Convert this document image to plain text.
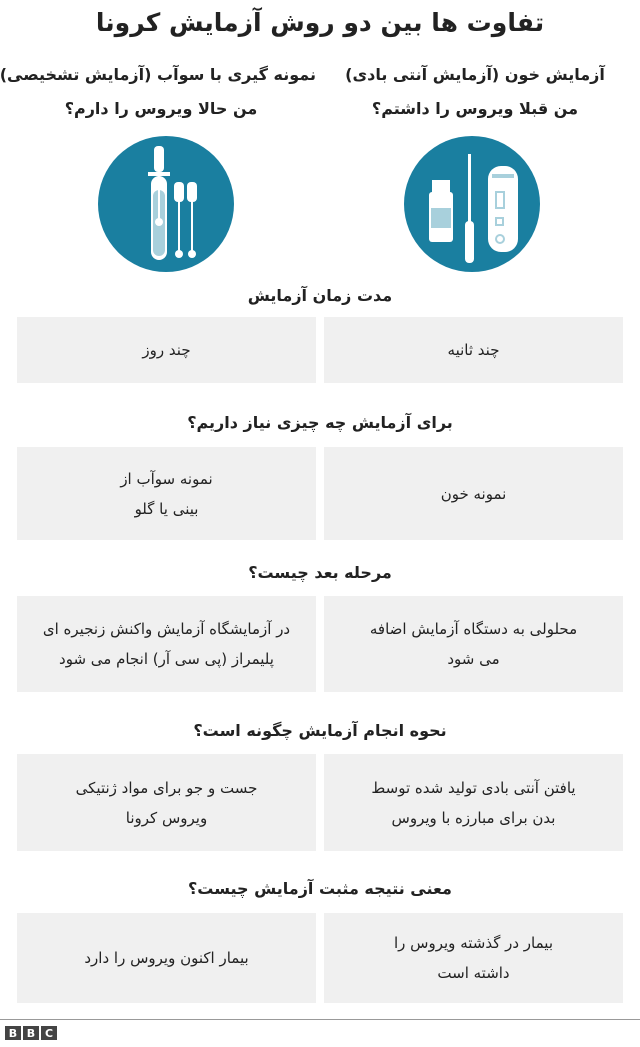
تفاوت ها بین دو روش آزمایش کرونا
آزمایش خون (آزمایش آنتی بادی)
من قبلا ویروس را داشتم؟
نمونه گیری با سوآب (آزمایش تشخیصی)
من حالا ویروس را دارم؟
مدت زمان آزمایش
چند ثانیه
چند روز
برای آزمایش چه چیزی نیاز داریم؟
نمونه خون
نمونه سوآب از
بینی یا گلو
مرحله بعد چیست؟
محلولی به دستگاه آزمایش اضافه
می شود
در آزمایشگاه آزمایش واکنش زنجیره ای
پلیمراز (پی سی آر) انجام می شود
نحوه انجام آزمایش چگونه است؟
یافتن آنتی بادی تولید شده توسط
بدن برای مبارزه با ویروس
جست و جو برای مواد ژنتیکی
ویروس کرونا
معنی نتیجه مثبت آزمایش چیست؟
بیمار در گذشته ویروس را
داشته است
بیمار اکنون ویروس را دارد
B B C
